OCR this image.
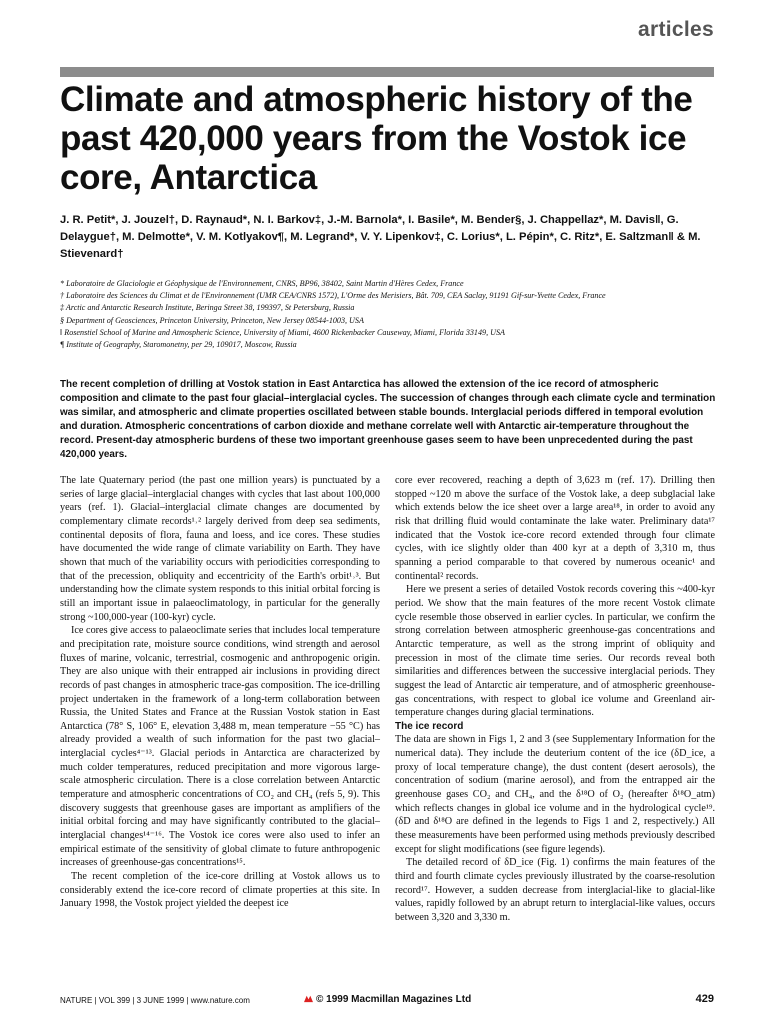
articles
Climate and atmospheric history of the past 420,000 years from the Vostok ice core, Antarctica
J. R. Petit*, J. Jouzel†, D. Raynaud*, N. I. Barkov‡, J.-M. Barnola*, I. Basile*, M. Bender§, J. Chappellaz*, M. Davis‖, G. Delaygue†, M. Delmotte*, V. M. Kotlyakov¶, M. Legrand*, V. Y. Lipenkov‡, C. Lorius*, L. Pépin*, C. Ritz*, E. Saltzman‖ & M. Stievenard†
* Laboratoire de Glaciologie et Géophysique de l'Environnement, CNRS, BP96, 38402, Saint Martin d'Hères Cedex, France
† Laboratoire des Sciences du Climat et de l'Environnement (UMR CEA/CNRS 1572), L'Orme des Merisiers, Bât. 709, CEA Saclay, 91191 Gif-sur-Yvette Cedex, France
‡ Arctic and Antarctic Research Institute, Beringa Street 38, 199397, St Petersburg, Russia
§ Department of Geosciences, Princeton University, Princeton, New Jersey 08544-1003, USA
‖ Rosenstiel School of Marine and Atmospheric Science, University of Miami, 4600 Rickenbacker Causeway, Miami, Florida 33149, USA
¶ Institute of Geography, Staromonetny, per 29, 109017, Moscow, Russia
The recent completion of drilling at Vostok station in East Antarctica has allowed the extension of the ice record of atmospheric composition and climate to the past four glacial–interglacial cycles. The succession of changes through each climate cycle and termination was similar, and atmospheric and climate properties oscillated between stable bounds. Interglacial periods differed in temporal evolution and duration. Atmospheric concentrations of carbon dioxide and methane correlate well with Antarctic air-temperature throughout the record. Present-day atmospheric burdens of these two important greenhouse gases seem to have been unprecedented during the past 420,000 years.

The late Quaternary period (the past one million years) is punctuated by a series of large glacial–interglacial changes with cycles that last about 100,000 years (ref. 1). Glacial–interglacial climate changes are documented by complementary climate records¹˒² largely derived from deep sea sediments, continental deposits of flora, fauna and loess, and ice cores. These studies have documented the wide range of climate variability on Earth. They have shown that much of the variability occurs with periodicities corresponding to that of the precession, obliquity and eccentricity of the Earth's orbit¹˒³. But understanding how the climate system responds to this initial orbital forcing is still an important issue in palaeoclimatology, in particular for the generally strong ~100,000-year (100-kyr) cycle.

Ice cores give access to palaeoclimate series that includes local temperature and precipitation rate, moisture source conditions, wind strength and aerosol fluxes of marine, volcanic, terrestrial, cosmogenic and anthropogenic origin. They are also unique with their entrapped air inclusions in providing direct records of past changes in atmospheric trace-gas composition. The ice-drilling project undertaken in the framework of a long-term collaboration between Russia, the United States and France at the Russian Vostok station in East Antarctica (78° S, 106° E, elevation 3,488 m, mean temperature −55 °C) has already provided a wealth of such information for the past two glacial–interglacial cycles⁴⁻¹³. Glacial periods in Antarctica are characterized by much colder temperatures, reduced precipitation and more vigorous large-scale atmospheric circulation. There is a close correlation between Antarctic temperature and atmospheric concentrations of CO₂ and CH₄ (refs 5, 9). This discovery suggests that greenhouse gases are important as amplifiers of the initial orbital forcing and may have significantly contributed to the glacial–interglacial changes¹⁴⁻¹⁶. The Vostok ice cores were also used to infer an empirical estimate of the sensitivity of global climate to future anthropogenic increases of greenhouse-gas concentrations¹⁵.

The recent completion of the ice-core drilling at Vostok allows us to considerably extend the ice-core record of climate properties at this site. In January 1998, the Vostok project yielded the deepest ice

core ever recovered, reaching a depth of 3,623 m (ref. 17). Drilling then stopped ~120 m above the surface of the Vostok lake, a deep subglacial lake which extends below the ice sheet over a large area¹⁸, in order to avoid any risk that drilling fluid would contaminate the lake water. Preliminary data¹⁷ indicated that the Vostok ice-core record extended through four climate cycles, with ice slightly older than 400 kyr at a depth of 3,310 m, thus spanning a period comparable to that covered by numerous oceanic¹ and continental² records.

Here we present a series of detailed Vostok records covering this ~400-kyr period. We show that the main features of the more recent Vostok climate cycle resemble those observed in earlier cycles. In particular, we confirm the strong correlation between atmospheric greenhouse-gas concentrations and Antarctic temperature, as well as the strong imprint of obliquity and precession in most of the climate time series. Our records reveal both similarities and differences between the successive interglacial periods. They suggest the lead of Antarctic air temperature, and of atmospheric greenhouse-gas concentrations, with respect to global ice volume and Greenland air-temperature changes during glacial terminations.

The ice record

The data are shown in Figs 1, 2 and 3 (see Supplementary Information for the numerical data). They include the deuterium content of the ice (δD_ice, a proxy of local temperature change), the dust content (desert aerosols), the concentration of sodium (marine aerosol), and from the entrapped air the greenhouse gases CO₂ and CH₄, and the δ¹⁸O of O₂ (hereafter δ¹⁸O_atm) which reflects changes in global ice volume and in the hydrological cycle¹⁹. (δD and δ¹⁸O are defined in the legends to Figs 1 and 2, respectively.) All these measurements have been performed using methods previously described except for slight modifications (see figure legends).

The detailed record of δD_ice (Fig. 1) confirms the main features of the third and fourth climate cycles previously illustrated by the coarse-resolution record¹⁷. However, a sudden decrease from interglacial-like to glacial-like values, rapidly followed by an abrupt return to interglacial-like values, occurs between 3,320 and 3,330 m.

NATURE | VOL 399 | 3 JUNE 1999 | www.nature.com	© 1999 Macmillan Magazines Ltd	429
